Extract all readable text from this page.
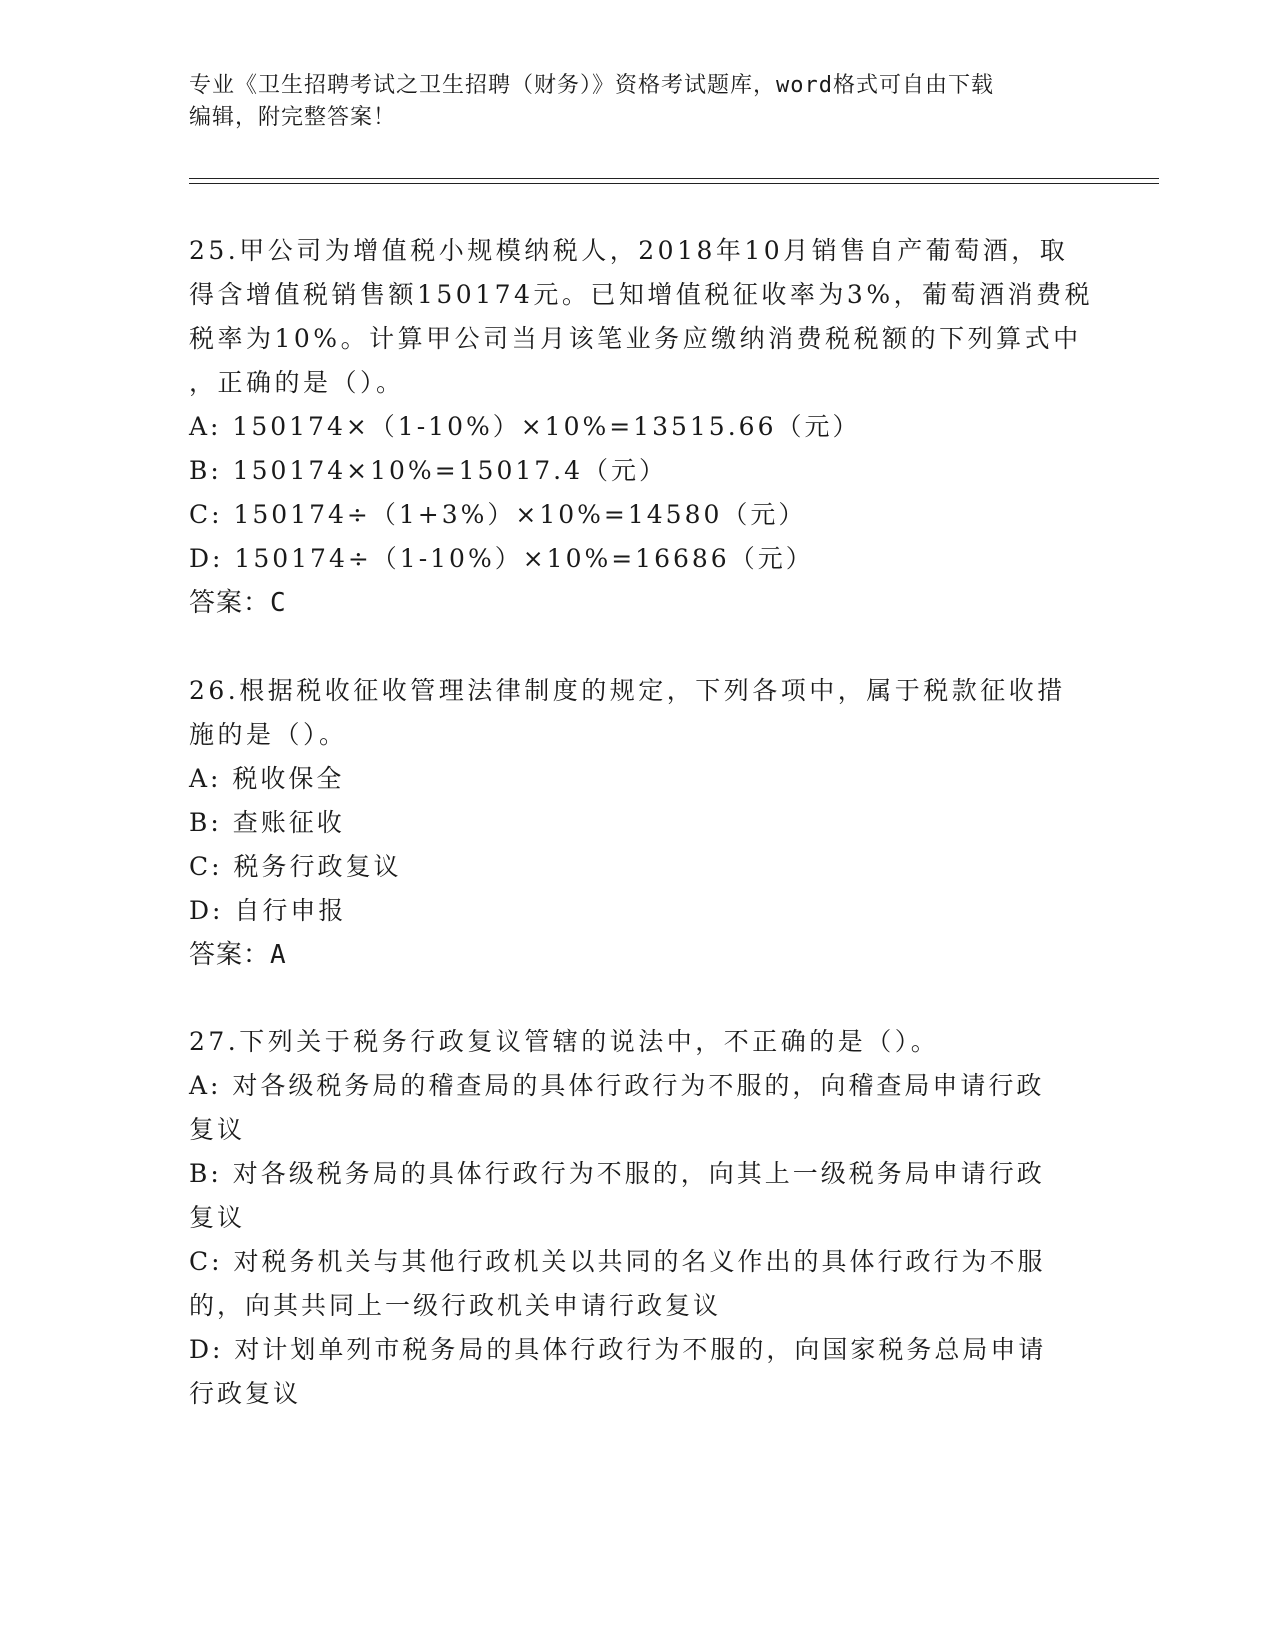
专业《卫生招聘考试之卫生招聘（财务）》资格考试题库，word格式可自由下载
编辑，附完整答案！
25.甲公司为增值税小规模纳税人，2018年10月销售自产葡萄酒，取
得含增值税销售额150174元。已知增值税征收率为3%，葡萄酒消费税
税率为10%。计算甲公司当月该笔业务应缴纳消费税税额的下列算式中
，正确的是（）。
A: 150174×（1-10%）×10%=13515.66（元）
B: 150174×10%=15017.4（元）
C: 150174÷（1+3%）×10%=14580（元）
D: 150174÷（1-10%）×10%=16686（元）
答案：C
26.根据税收征收管理法律制度的规定，下列各项中，属于税款征收措
施的是（）。
A: 税收保全
B: 查账征收
C: 税务行政复议
D: 自行申报
答案：A
27.下列关于税务行政复议管辖的说法中，不正确的是（）。
A: 对各级税务局的稽查局的具体行政行为不服的，向稽查局申请行政
复议
B: 对各级税务局的具体行政行为不服的，向其上一级税务局申请行政
复议
C: 对税务机关与其他行政机关以共同的名义作出的具体行政行为不服
的，向其共同上一级行政机关申请行政复议
D: 对计划单列市税务局的具体行政行为不服的，向国家税务总局申请
行政复议
